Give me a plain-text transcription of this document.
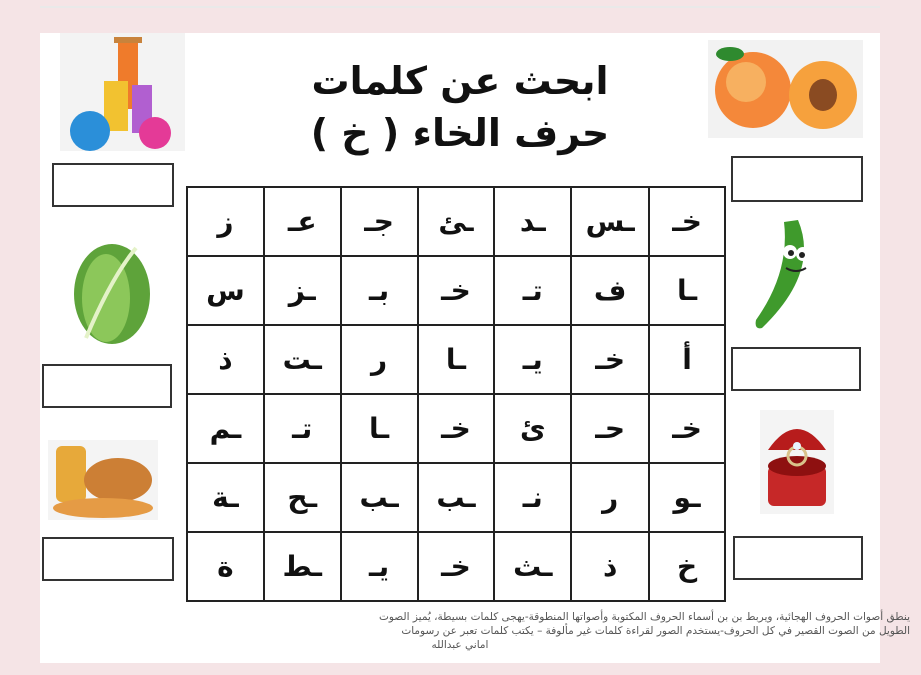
ابحث عن كلمات
حرف الخاء ( خ )
ز	عـ	جـ	ـئ	ـد	ـس	خـ
س	ـز	بـ	خـ	تـ	ف	ـا
ذ	ـت	ر	ـا	يـ	خـ	أ
ـم	تـ	ـا	خـ	ئ	حـ	خـ
ـة	ـح	ـب	ـب	نـ	ر	ـو
ة	ـط	يـ	خـ	ـث	ذ	خ
ينطق أصوات الحروف الهجائية، ويربط بن بن أسماء الحروف المكتوبة وأصواتها المنطوقة-يهجى كلمات بسيطة، يُميز الصوت
الطويل من الصوت القصير في كل الحروف-يستخدم الصور لقراءة كلمات غير مألوفة – يكتب كلمات تعبر عن رسومات
اماني عبدالله
